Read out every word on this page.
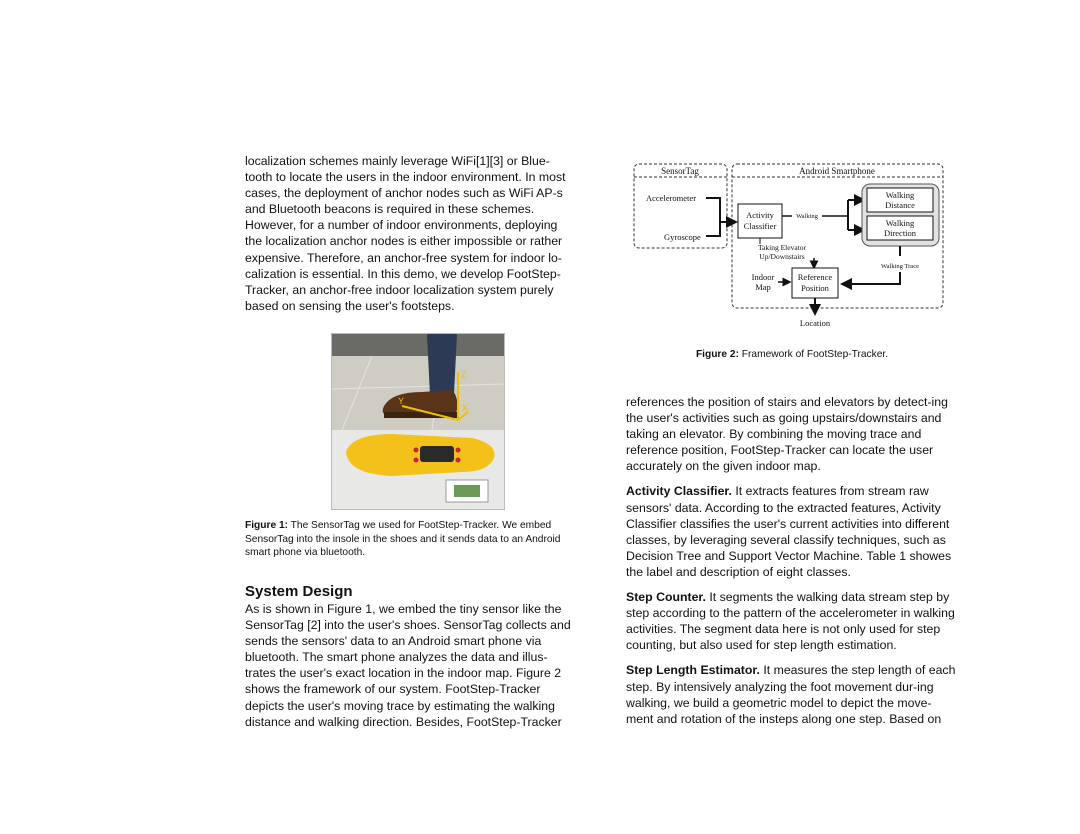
localization schemes mainly leverage WiFi[1][3] or Blue-tooth to locate the users in the indoor environment. In most cases, the deployment of anchor nodes such as WiFi AP-s and Bluetooth beacons is required in these schemes. However, for a number of indoor environments, deploying the localization anchor nodes is either impossible or rather expensive. Therefore, an anchor-free system for indoor lo-calization is essential. In this demo, we develop FootStep-Tracker, an anchor-free indoor localization system purely based on sensing the user's footsteps.

Z
Y
X
Figure 1: The SensorTag we used for FootStep-Tracker. We embed SensorTag into the insole in the shoes and it sends data to an Android smart phone via bluetooth.
System Design

As is shown in Figure 1, we embed the tiny sensor like the SensorTag [2] into the user's shoes. SensorTag collects and sends the sensors' data to an Android smart phone via bluetooth. The smart phone analyzes the data and illus-trates the user's exact location in the indoor map. Figure 2 shows the framework of our system. FootStep-Tracker depicts the user's moving trace by estimating the walking distance and walking direction. Besides, FootStep-Tracker

SensorTag	Android Smartphone
Accelerometer
Gyroscope
Activity
Classifier
Walking
Walking
Distance
Walking
Direction
Taking Elevator
Up/Downstairs
Walking Trace
Indoor
Map
Reference
Position
Location
Figure 2: Framework of FootStep-Tracker.

references the position of stairs and elevators by detect-ing the user's activities such as going upstairs/downstairs and taking an elevator. By combining the moving trace and reference position, FootStep-Tracker can locate the user accurately on the given indoor map.

Activity Classifier. It extracts features from stream raw sensors' data. According to the extracted features, Activity Classifier classifies the user's current activities into different classes, by leveraging several classify techniques, such as Decision Tree and Support Vector Machine. Table 1 showes the label and description of eight classes.

Step Counter. It segments the walking data stream step by step according to the pattern of the accelerometer in walking activities. The segment data here is not only used for step counting, but also used for step length estimation.

Step Length Estimator. It measures the step length of each step. By intensively analyzing the foot movement dur-ing walking, we build a geometric model to depict the move-ment and rotation of the insteps along one step. Based on
